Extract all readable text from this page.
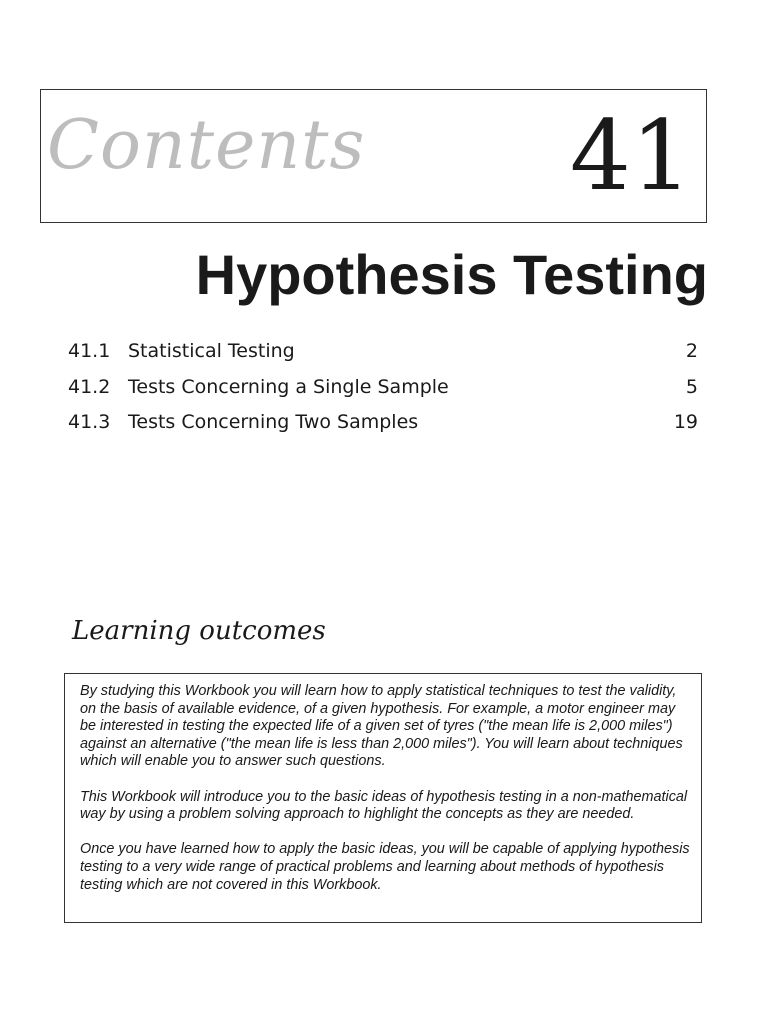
Contents 41
Hypothesis Testing
41.1 Statistical Testing	2
41.2 Tests Concerning a Single Sample	5
41.3 Tests Concerning Two Samples	19
Learning outcomes

By studying this Workbook you will learn how to apply statistical techniques to test the validity, on the basis of available evidence, of a given hypothesis. For example, a motor engineer may be interested in testing the expected life of a given set of tyres ("the mean life is 2,000 miles") against an alternative ("the mean life is less than 2,000 miles"). You will learn about techniques which will enable you to answer such questions.

This Workbook will introduce you to the basic ideas of hypothesis testing in a non-mathematical way by using a problem solving approach to highlight the concepts as they are needed.

Once you have learned how to apply the basic ideas, you will be capable of applying hypothesis testing to a very wide range of practical problems and learning about methods of hypothesis testing which are not covered in this Workbook.
